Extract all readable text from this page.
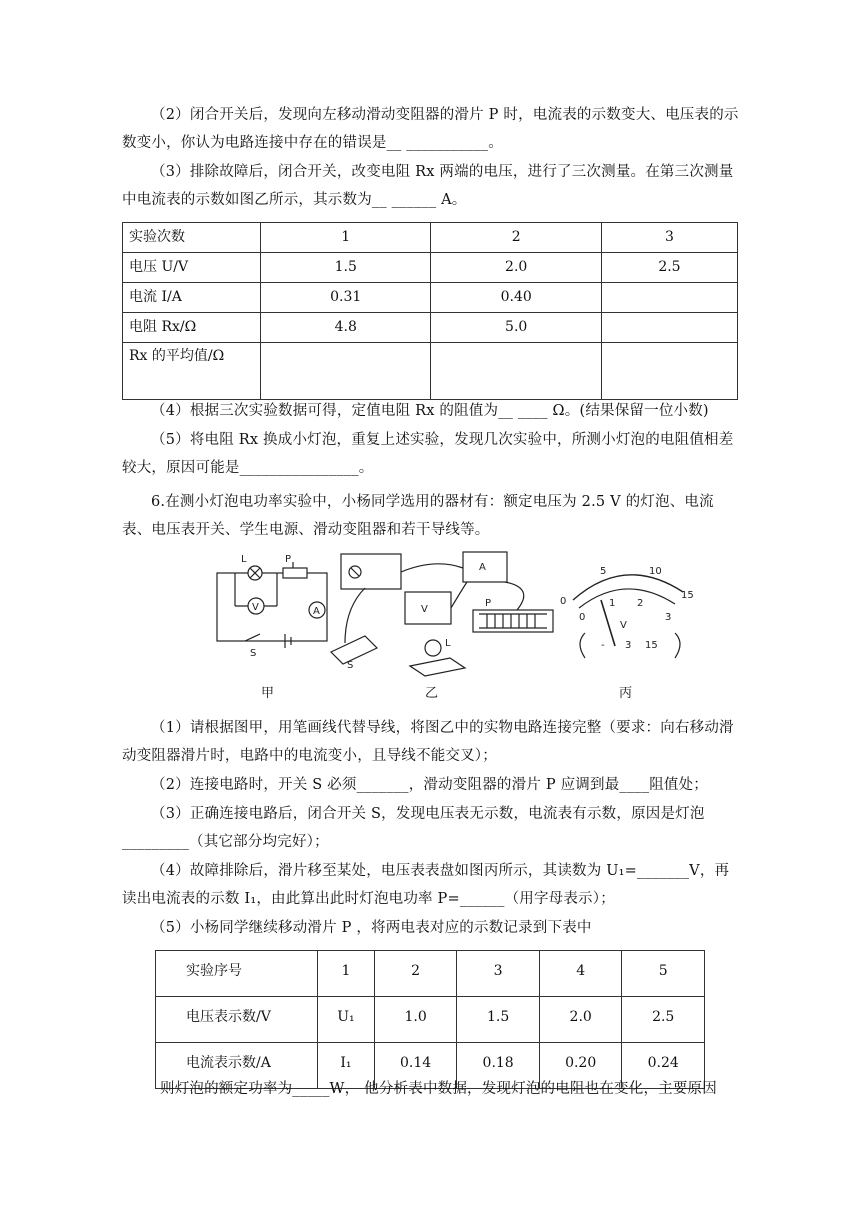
（2）闭合开关后，发现向左移动滑动变阻器的滑片 P 时，电流表的示数变大、电压表的示数变小，你认为电路连接中存在的错误是__ ___________。
（3）排除故障后，闭合开关，改变电阻 Rx 两端的电压，进行了三次测量。在第三次测量中电流表的示数如图乙所示，其示数为__ ______ A。
实验次数	1	2	3
电压 U/V	1.5	2.0	2.5
电流 I/A	0.31	0.40	
电阻 Rx/Ω	4.8	5.0	
Rx 的平均值/Ω			
（4）根据三次实验数据可得，定值电阻 Rx 的阻值为__ ____ Ω。(结果保留一位小数)
（5）将电阻 Rx 换成小灯泡，重复上述实验，发现几次实验中，所测小灯泡的电阻值相差较大，原因可能是________________。
6.在测小灯泡电功率实验中，小杨同学选用的器材有：额定电压为 2.5 V 的灯泡、电流表、电压表开关、学生电源、滑动变阻器和若干导线等。
L	P
V	A
S
A
V
P
S
L
0
5	10
15
0
1 2
3
V
- 3 15
甲	乙	丙
（1）请根据图甲，用笔画线代替导线，将图乙中的实物电路连接完整（要求：向右移动滑动变阻器滑片时，电路中的电流变小，且导线不能交叉）；
（2）连接电路时，开关 S 必须_______，滑动变阻器的滑片 P 应调到最____阻值处；
（3）正确连接电路后，闭合开关 S，发现电压表无示数，电流表有示数，原因是灯泡_________（其它部分均完好）；
（4）故障排除后，滑片移至某处，电压表表盘如图丙所示，其读数为 U₁=_______V，再读出电流表的示数 I₁，由此算出此时灯泡电功率 P=______（用字母表示）；
（5）小杨同学继续移动滑片 P ，将两电表对应的示数记录到下表中
实验序号	1	2	3	4	5
电压表示数/V	U₁	1.0	1.5	2.0	2.5
电流表示数/A	I₁	0.14	0.18	0.20	0.24
则灯泡的额定功率为_____W， 他分析表中数据，发现灯泡的电阻也在变化，主要原因
